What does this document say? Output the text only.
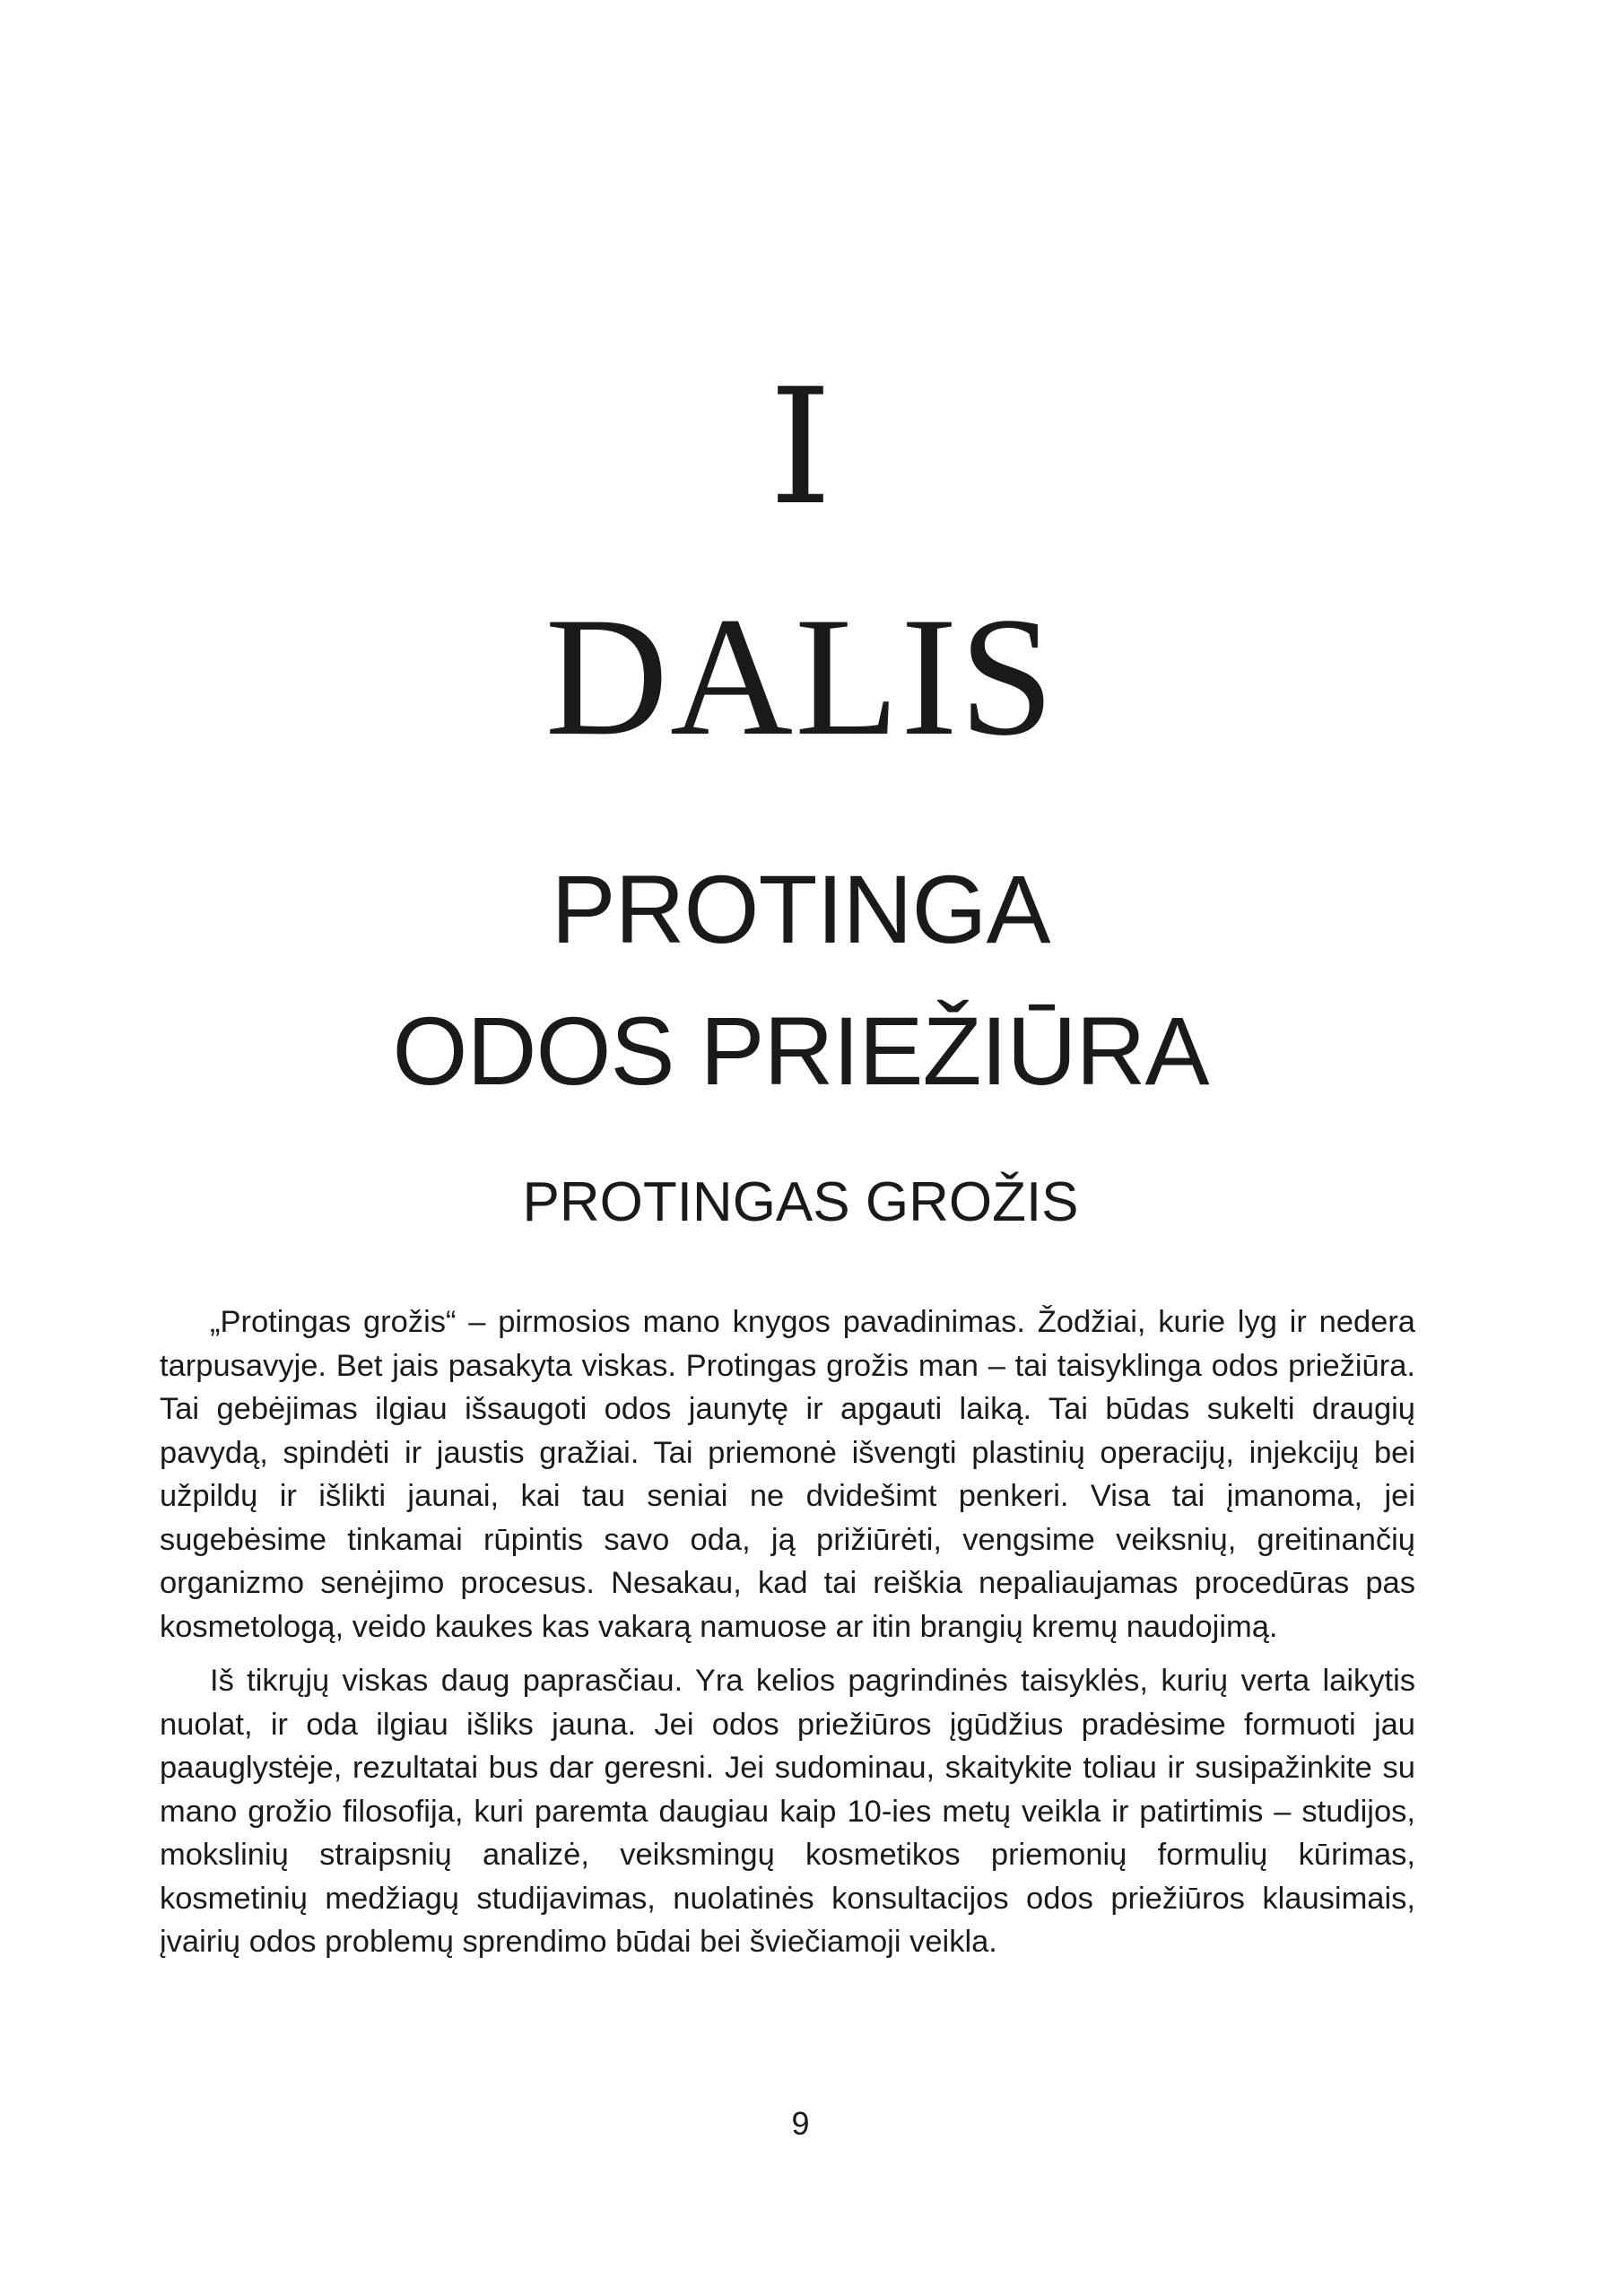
I
DALIS
PROTINGA
ODOS PRIEŽIŪRA
PROTINGAS GROŽIS

„Protingas grožis“ – pirmosios mano knygos pavadinimas. Žodžiai, kurie lyg ir nedera tarpusavyje. Bet jais pasakyta viskas. Protingas grožis man – tai taisyklinga odos priežiūra. Tai gebėjimas ilgiau išsaugoti odos jaunytę ir apgauti laiką. Tai būdas sukelti draugių pavydą, spindėti ir jaustis gražiai. Tai priemonė išvengti plastinių operacijų, injekcijų bei užpildų ir išlikti jaunai, kai tau seniai ne dvidešimt penkeri. Visa tai įmanoma, jei sugebėsime tinkamai rūpintis savo oda, ją prižiūrėti, vengsime veiksnių, greitinančių organizmo senėjimo procesus. Nesakau, kad tai reiškia nepaliaujamas procedūras pas kosmetologą, veido kaukes kas vakarą namuose ar itin brangių kremų naudojimą.

Iš tikrųjų viskas daug paprasčiau. Yra kelios pagrindinės taisyklės, kurių verta laikytis nuolat, ir oda ilgiau išliks jauna. Jei odos priežiūros įgūdžius pradėsime formuoti jau paauglystėje, rezultatai bus dar geresni. Jei sudominau, skaitykite toliau ir susipažinkite su mano grožio filosofija, kuri paremta daugiau kaip 10-ies metų veikla ir patirtimis – studijos, mokslinių straipsnių analizė, veiksmingų kosmetikos priemonių formulių kūrimas, kosmetinių medžiagų studijavimas, nuolatinės konsultacijos odos priežiūros klausimais, įvairių odos problemų sprendimo būdai bei šviečiamoji veikla.

9
